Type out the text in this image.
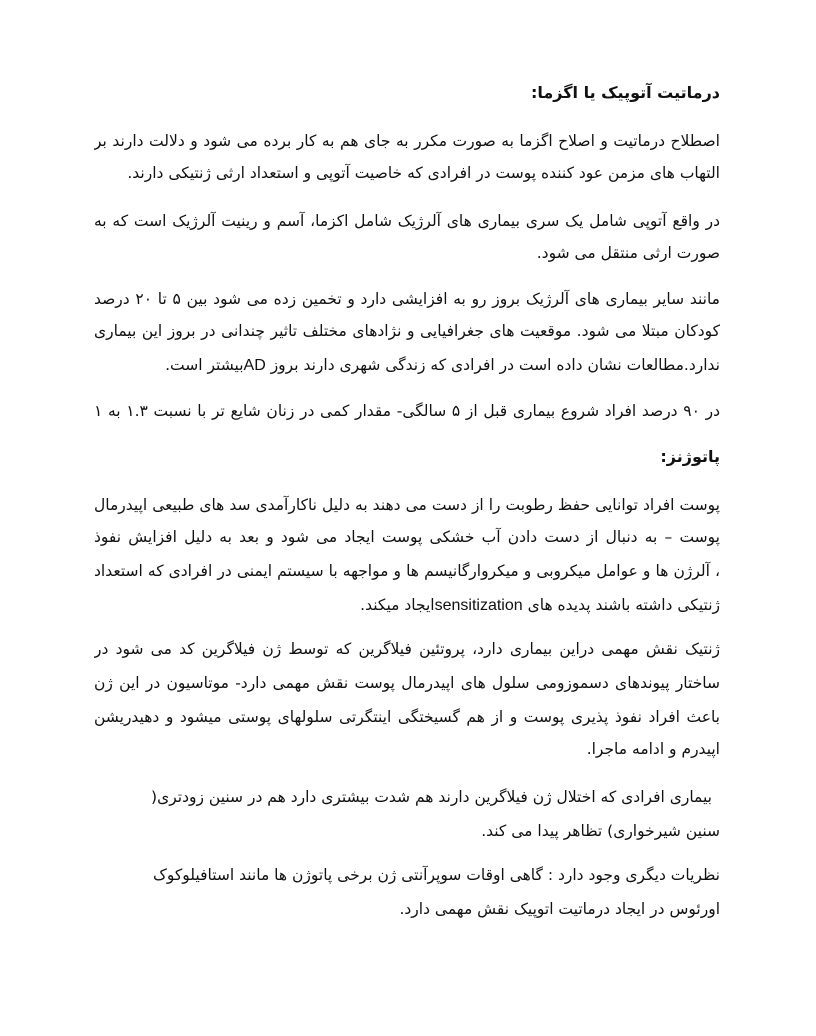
درماتیت آتوپیک یا اگزما:
اصطلاح درماتیت و اصلاح اگزما به صورت مکرر به جای هم به کار برده می شود و دلالت دارند بر
التهاب های مزمن عود کننده پوست در افرادی که خاصیت آتوپی و استعداد ارثی ژنتیکی دارند.
در واقع آتوپی شامل یک سری بیماری های آلرژیک شامل اکزما، آسم و رینیت آلرژیک است که به
صورت ارثی منتقل می شود.
مانند سایر بیماری های آلرژیک بروز رو به افزایشی دارد و تخمین زده می شود بین ۵ تا ۲۰ درصد
کودکان مبتلا می شود. موقعیت های جغرافیایی و نژادهای مختلف تاثیر چندانی در بروز این بیماری
ندارد.مطالعات نشان داده است در افرادی که زندگی شهری دارند بروز ADبیشتر است.
در ۹۰ درصد افراد شروع بیماری قبل از ۵ سالگی- مقدار کمی در زنان شایع تر با نسبت ۱.۳ به ۱
پاتوژنز:
پوست افراد توانایی حفظ رطوبت را از دست می دهند به دلیل ناکارآمدی سد های طبیعی اپیدرمال
پوست – به دنبال از دست دادن آب خشکی پوست ایجاد می شود و بعد به دلیل افزایش نفوذ
، آلرژن ها و عوامل میکروبی و میکروارگانیسم ها و مواجهه با سیستم ایمنی در افرادی که استعداد
ژنتیکی داشته باشند پدیده های sensitizationایجاد میکند.
ژنتیک نقش مهمی دراین بیماری دارد، پروتئین فیلاگرین که توسط ژن فیلاگرین کد می شود در
ساختار پیوندهای دسموزومی سلول های اپیدرمال پوست نقش مهمی دارد- موتاسیون در این ژن
باعث افراد نفوذ پذیری پوست و از هم گسیختگی اینتگرتی سلولهای پوستی میشود و دهیدریشن
اپیدرم و ادامه ماجرا.
بیماری افرادی که اختلال ژن فیلاگرین دارند هم شدت بیشتری دارد هم در سنین زودتری(
سنین شیرخواری) تظاهر پیدا می کند.
نظریات دیگری وجود دارد : گاهی اوقات سوپرآنتی ژن برخی پاتوژن ها مانند استافیلوکوک
اورئوس در ایجاد درماتیت اتوپیک نقش مهمی دارد.
